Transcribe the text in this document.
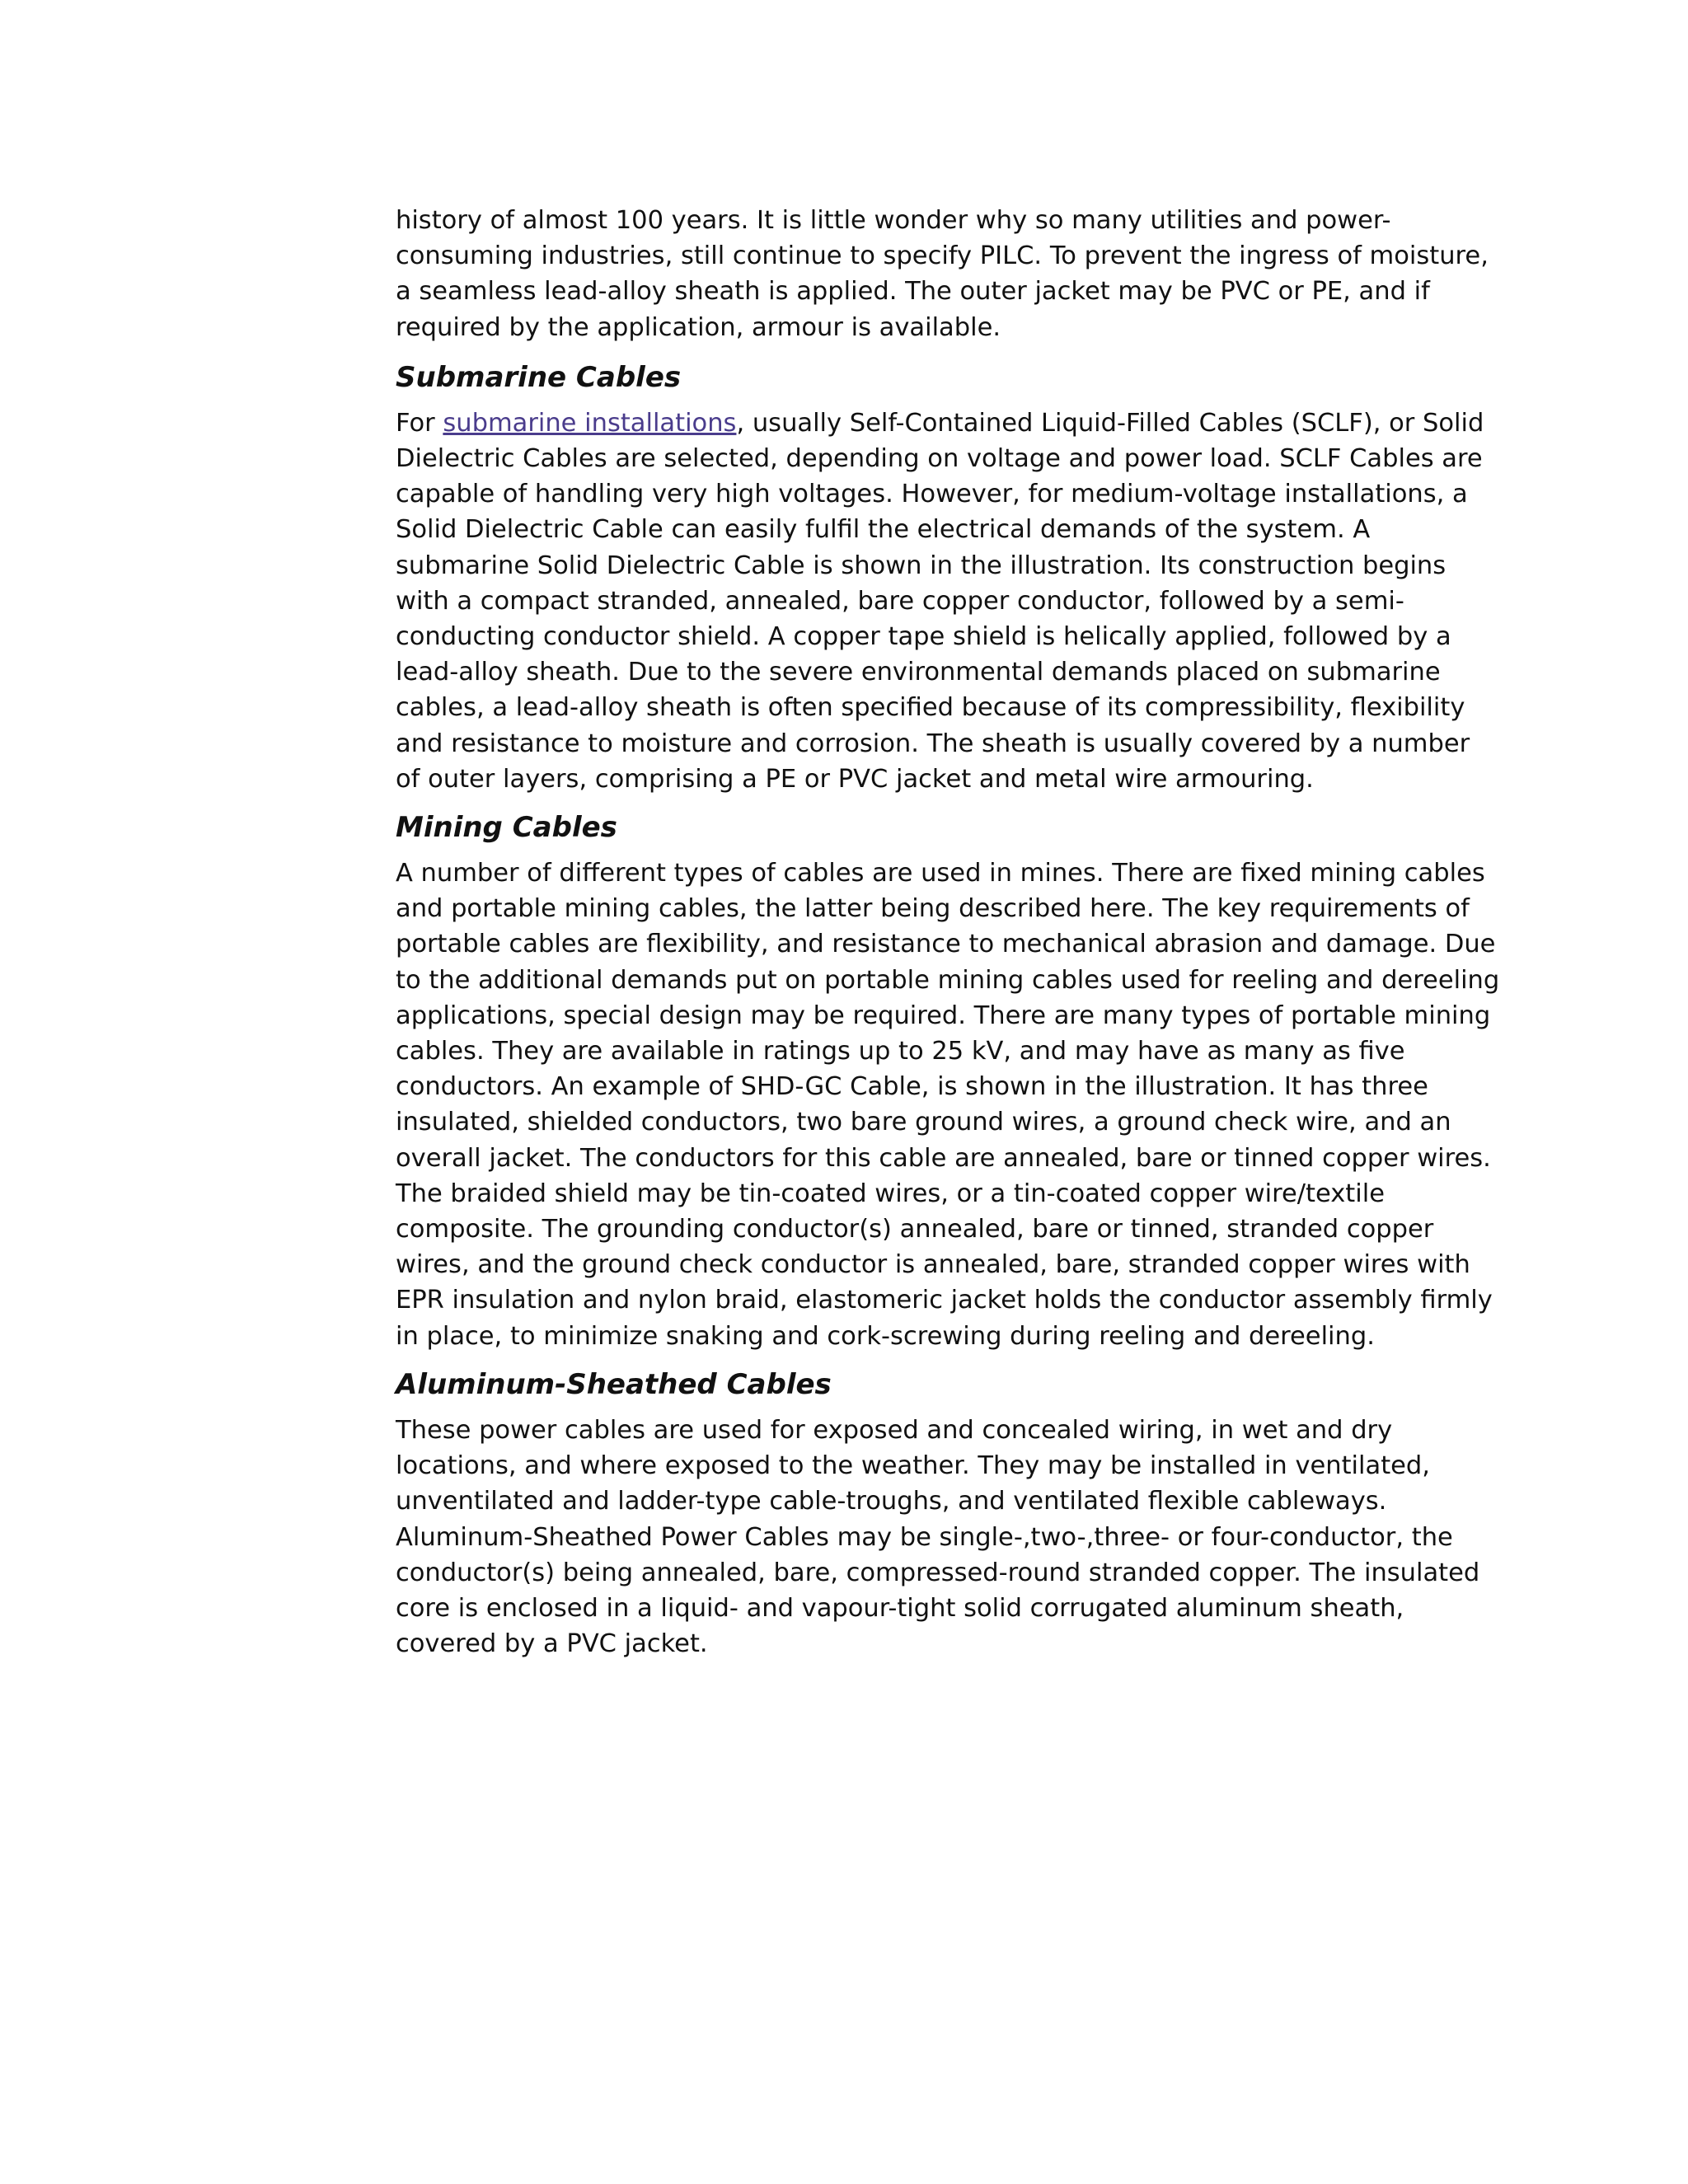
history of almost 100 years. It is little wonder why so many utilities and power-consuming industries, still continue to specify PILC. To prevent the ingress of moisture, a seamless lead-alloy sheath is applied. The outer jacket may be PVC or PE, and if required by the application, armour is available.

Submarine Cables

For submarine installations, usually Self-Contained Liquid-Filled Cables (SCLF), or Solid Dielectric Cables are selected, depending on voltage and power load. SCLF Cables are capable of handling very high voltages. However, for medium-voltage installations, a Solid Dielectric Cable can easily fulfil the electrical demands of the system. A submarine Solid Dielectric Cable is shown in the illustration. Its construction begins with a compact stranded, annealed, bare copper conductor, followed by a semi-conducting conductor shield. A copper tape shield is helically applied, followed by a lead-alloy sheath. Due to the severe environmental demands placed on submarine cables, a lead-alloy sheath is often specified because of its compressibility, flexibility and resistance to moisture and corrosion. The sheath is usually covered by a number of outer layers, comprising a PE or PVC jacket and metal wire armouring.

Mining Cables

A number of different types of cables are used in mines. There are fixed mining cables and portable mining cables, the latter being described here. The key requirements of portable cables are flexibility, and resistance to mechanical abrasion and damage. Due to the additional demands put on portable mining cables used for reeling and dereeling applications, special design may be required. There are many types of portable mining cables. They are available in ratings up to 25 kV, and may have as many as five conductors. An example of SHD-GC Cable, is shown in the illustration. It has three insulated, shielded conductors, two bare ground wires, a ground check wire, and an overall jacket. The conductors for this cable are annealed, bare or tinned copper wires. The braided shield may be tin-coated wires, or a tin-coated copper wire/textile composite. The grounding conductor(s) annealed, bare or tinned, stranded copper wires, and the ground check conductor is annealed, bare, stranded copper wires with EPR insulation and nylon braid, elastomeric jacket holds the conductor assembly firmly in place, to minimize snaking and cork-screwing during reeling and dereeling.

Aluminum-Sheathed Cables

These power cables are used for exposed and concealed wiring, in wet and dry locations, and where exposed to the weather. They may be installed in ventilated, unventilated and ladder-type cable-troughs, and ventilated flexible cableways. Aluminum-Sheathed Power Cables may be single-,two-,three- or four-conductor, the conductor(s) being annealed, bare, compressed-round stranded copper. The insulated core is enclosed in a liquid- and vapour-tight solid corrugated aluminum sheath, covered by a PVC jacket.
